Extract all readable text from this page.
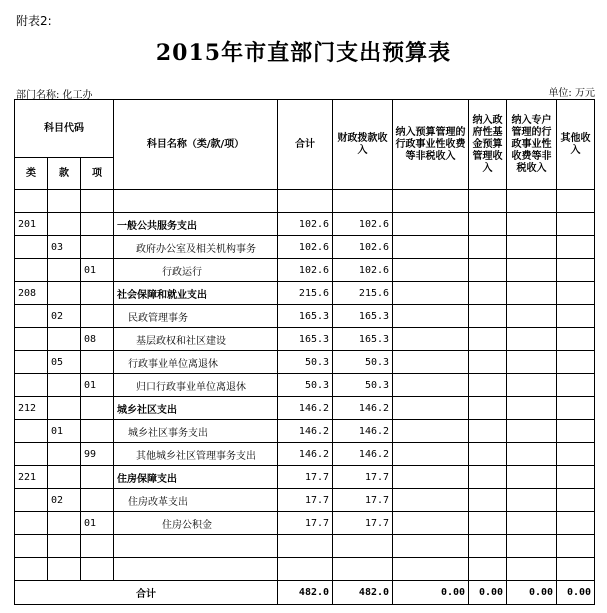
附表2:
2015年市直部门支出预算表
部门名称: 化工办	单位: 万元
科目代码			科目名称（类/款/项）	合计	财政拨款收入	纳入预算管理的行政事业性收费等非税收入	纳入政府性基金预算管理收入	纳入专户管理的行政事业性收费等非税收入	其他收入
类	款	项							

201			一般公共服务支出	102.6	102.6				
	03		政府办公室及相关机构事务	102.6	102.6				
		01	行政运行	102.6	102.6				
208			社会保障和就业支出	215.6	215.6				
	02		民政管理事务	165.3	165.3				
		08	基层政权和社区建设	165.3	165.3				
	05		行政事业单位离退休	50.3	50.3				
		01	归口行政事业单位离退休	50.3	50.3				
212			城乡社区支出	146.2	146.2				
	01		城乡社区事务支出	146.2	146.2				
		99	其他城乡社区管理事务支出	146.2	146.2				
221			住房保障支出	17.7	17.7				
	02		住房改革支出	17.7	17.7				
		01	住房公积金	17.7	17.7				

合计				482.0	482.0	0.00	0.00	0.00	0.00
